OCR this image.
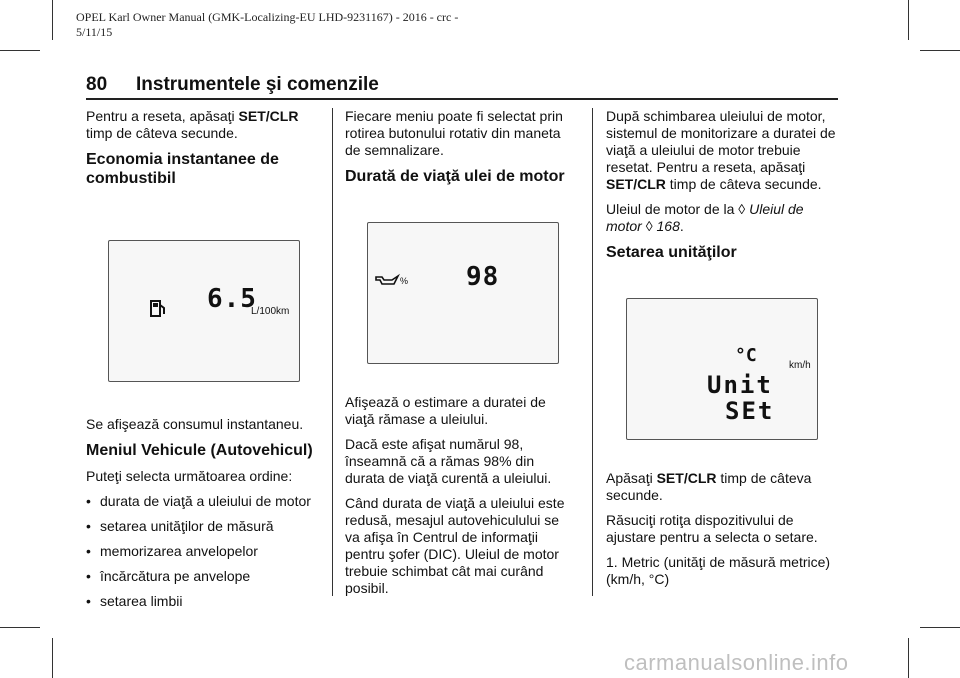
OPEL Karl Owner Manual (GMK-Localizing-EU LHD-9231167) - 2016 - crc -
5/11/15
80 Instrumentele şi comenzile

Pentru a reseta, apăsaţi SET/CLR
timp de câteva secunde.

Economia instantanee de combustibil
6.5
L/100km

Se afişează consumul instantaneu.

Meniul Vehicule (Autovehicul)

Puteţi selecta următoarea ordine:

• durata de viaţă a uleiului de motor
• setarea unităţilor de măsură
• memorizarea anvelopelor
• încărcătura pe anvelope
• setarea limbii

Fiecare meniu poate fi selectat prin rotirea butonului rotativ din maneta de semnalizare.

Durată de viaţă ulei de motor
% 98

Afişează o estimare a duratei de viaţă rămase a uleiului.

Dacă este afişat numărul 98, înseamnă că a rămas 98% din durata de viaţă curentă a uleiului.

Când durata de viaţă a uleiului este redusă, mesajul autovehiculului se va afişa în Centrul de informaţii pentru şofer (DIC). Uleiul de motor trebuie schimbat cât mai curând posibil.

După schimbarea uleiului de motor, sistemul de monitorizare a duratei de viaţă a uleiului de motor trebuie resetat. Pentru a reseta, apăsaţi SET/CLR timp de câteva secunde.

Uleiul de motor de la ◊ Uleiul de motor ◊ 168.

Setarea unităţilor
°C	km/h
Unit
SEt

Apăsaţi SET/CLR timp de câteva secunde.

Răsuciţi rotiţa dispozitivului de ajustare pentru a selecta o setare.

1. Metric (unităţi de măsură metrice) (km/h, °C)

carmanualsonline.info
